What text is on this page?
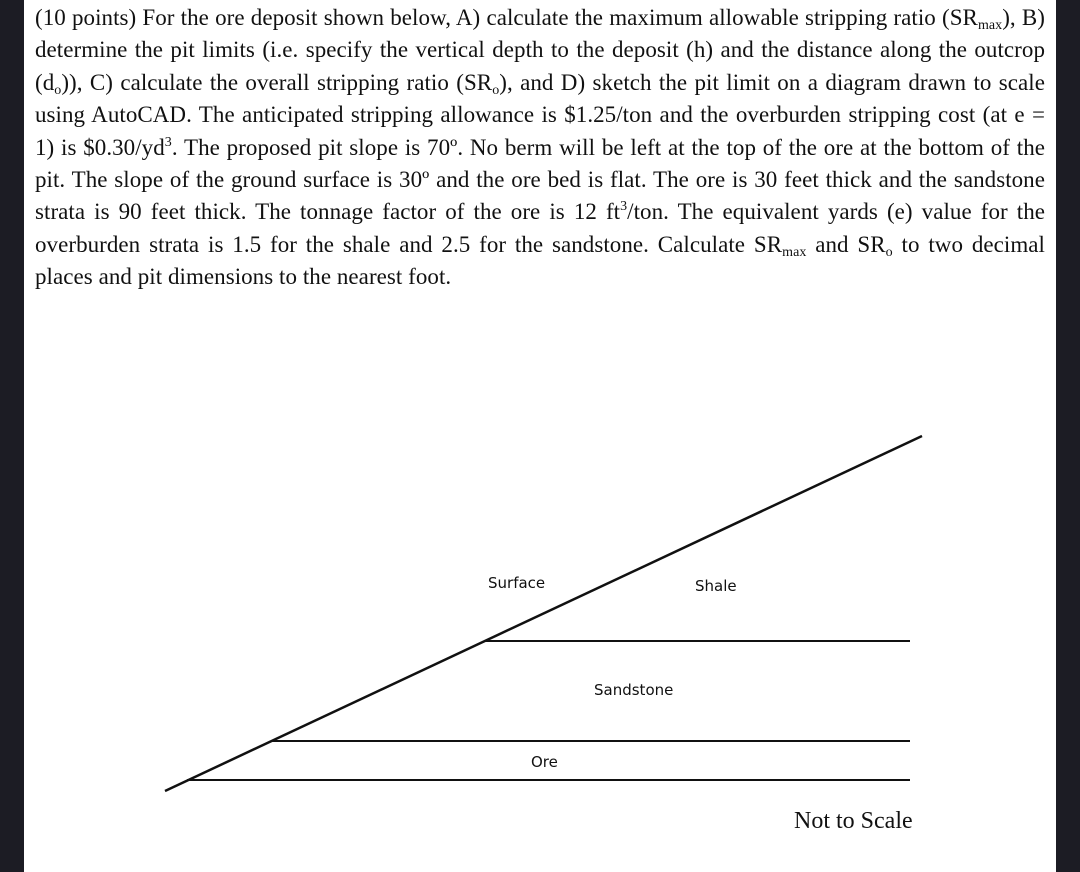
(10 points) For the ore deposit shown below, A) calculate the maximum allowable stripping ratio $(SR_{max})$, B) determine the pit limits (i.e. specify the vertical depth to the deposit (h) and the distance along the outcrop $(d_o)$), C) calculate the overall stripping ratio $(SR_o)$, and D) sketch the pit limit on a diagram drawn to scale using AutoCAD. The anticipated stripping allowance is $1.25/ton and the overburden stripping cost (at e = 1) is $\$0.30/yd^3$. The proposed pit slope is 70º. No berm will be left at the top of the ore at the bottom of the pit. The slope of the ground surface is 30º and the ore bed is flat. The ore is 30 feet thick and the sandstone strata is 90 feet thick. The tonnage factor of the ore is 12 $ft^3$/ton. The equivalent yards (e) value for the overburden strata is 1.5 for the shale and 2.5 for the sandstone. Calculate $SR_{max}$ and $SR_o$ to two decimal places and pit dimensions to the nearest foot.

Surface	Shale
Sandstone
Ore

Not to Scale
